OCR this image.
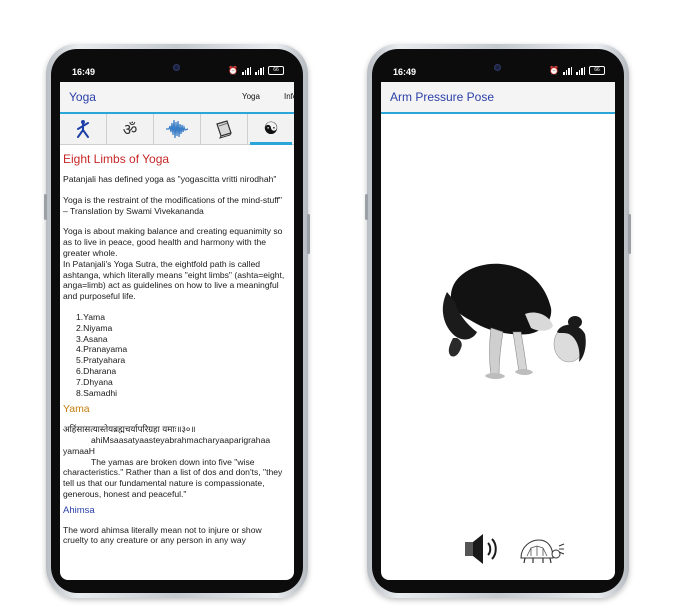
16:49	⏰	66
Yoga	Yoga	Info
ॐ	☯
Eight Limbs of Yoga

Patanjali has defined yoga as "yogascitta vritti nirodhah"

Yoga is the restraint of the modifications of the mind-stuff"

– Translation by Swami Vivekananda

Yoga is about making balance and creating equanimity so as to live in peace, good health and harmony with the greater whole.

In Patanjali's Yoga Sutra, the eightfold path is called ashtanga, which literally means "eight limbs" (ashta=eight, anga=limb) act as guidelines on how to live a meaningful and purposeful life.

1.Yama
2.Niyama
3.Asana
4.Pranayama
5.Pratyahara
6.Dharana
7.Dhyana
8.Samadhi
Yama

अहिंसासत्यास्तेयब्रह्मचर्यापरिग्रहा यमाः॥३०॥

ahiMsaasatyaasteyabrahmacharyaaparigrahaa

yamaaH

The yamas are broken down into five "wise

characteristics." Rather than a list of dos and don'ts, "they tell us that our fundamental nature is compassionate, generous, honest and peaceful."

Ahimsa

The word ahimsa literally mean not to injure or show cruelty to any creature or any person in any way

16:49	⏰	66
Arm Pressure Pose
